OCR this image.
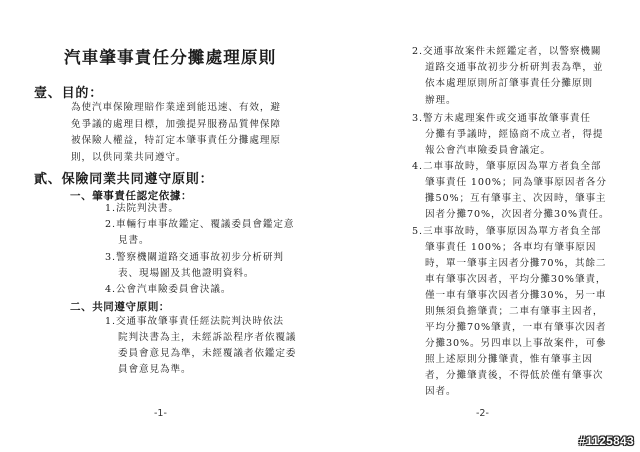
汽車肇事責任分攤處理原則
壹、目的：
為使汽車保險理賠作業達到能迅速、有效，避
免爭議的處理目標，加強提昇服務品質俾保障
被保險人權益，特訂定本肇事責任分攤處理原
則，以供同業共同遵守。
貳、保險同業共同遵守原則：
一、肇事責任認定依據：
1.法院判決書。
2.車輛行車事故鑑定、覆議委員會鑑定意
見書。
3.警察機關道路交通事故初步分析研判
表、現場圖及其他證明資料。
4.公會汽車險委員會決議。
二、共同遵守原則：
1.交通事故肇事責任經法院判決時依法
院判決書為主，未經訴訟程序者依覆議
委員會意見為準，未經覆議者依鑑定委
員會意見為準。
-1-
2.交通事故案件未經鑑定者，以警察機關
道路交通事故初步分析研判表為準，並
依本處理原則所訂肇事責任分攤原則
辦理。
3.警方未處理案件或交通事故肇事責任
分攤有爭議時，經協商不成立者，得提
報公會汽車險委員會議定。
4.二車事故時，肇事原因為單方者負全部
肇事責任 100%；同為肇事原因者各分
攤50%；互有肇事主、次因時，肇事主
因者分攤70%，次因者分攤30%責任。
5.三車事故時，肇事原因為單方者負全部
肇事責任 100%；各車均有肇事原因
時，單一肇事主因者分攤70%，其餘二
車有肇事次因者，平均分攤30%肇責，
僅一車有肇事次因者分攤30%，另一車
則無須負擔肇責；二車有肇事主因者，
平均分攤70%肇責，一車有肇事次因者
分攤30%。另四車以上事故案件，可參
照上述原則分攤肇責，惟有肇事主因
者，分攤肇責後，不得低於僅有肇事次
因者。
-2-
#1125843
